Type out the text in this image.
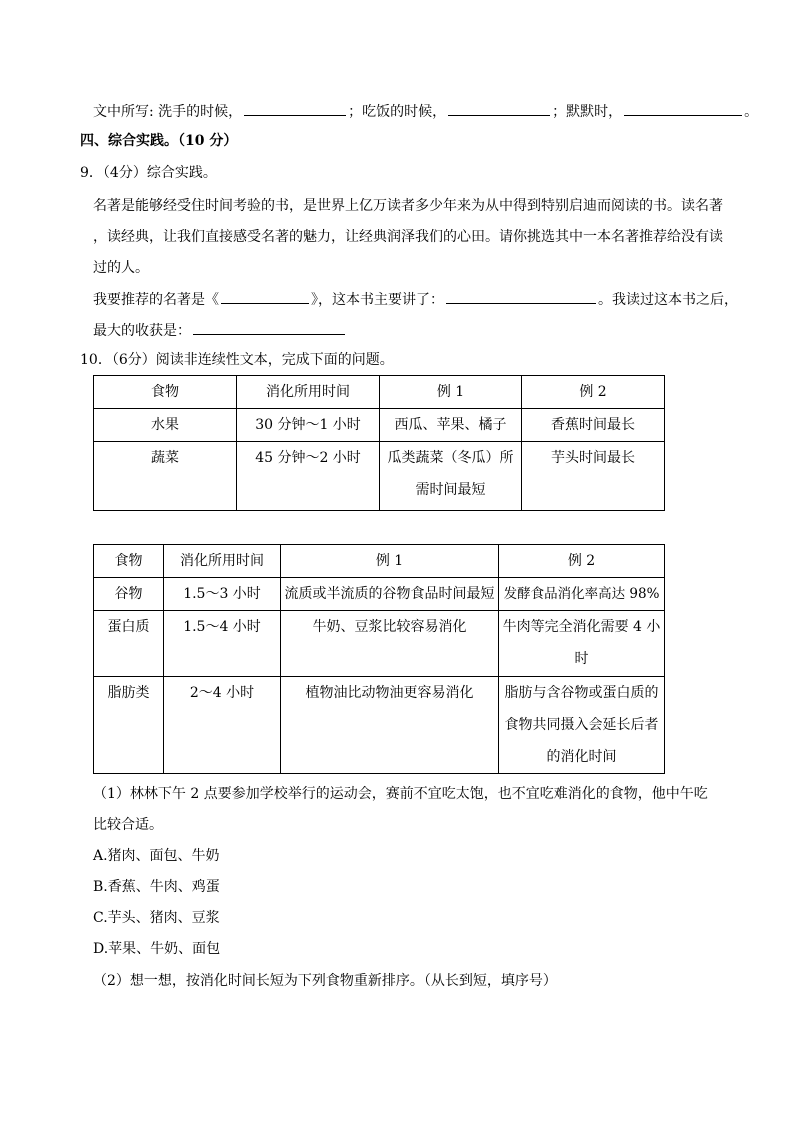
文中所写: 洗手的时候，	；吃饭的时候，	；默默时，	。
四、综合实践。（10 分）
9．（4分）综合实践。
名著是能够经受住时间考验的书，是世界上亿万读者多少年来为从中得到特别启迪而阅读的书。读名著
，读经典，让我们直接感受名著的魅力，让经典润泽我们的心田。请你挑选其中一本名著推荐给没有读
过的人。
我要推荐的名著是《	》，这本书主要讲了：	。我读过这本书之后，
最大的收获是：
10．（6分）阅读非连续性文本，完成下面的问题。
食物	消化所用时间	例 1	例 2
水果	30 分钟～1 小时	西瓜、苹果、橘子	香蕉时间最长
蔬菜	45 分钟～2 小时	瓜类蔬菜（冬瓜）所需时间最短	芋头时间最长
食物	消化所用时间	例 1	例 2
谷物	1.5～3 小时	流质或半流质的谷物食品时间最短	发酵食品消化率高达 98%
蛋白质	1.5～4 小时	牛奶、豆浆比较容易消化	牛肉等完全消化需要 4 小时
脂肪类	2～4 小时	植物油比动物油更容易消化	脂肪与含谷物或蛋白质的食物共同摄入会延长后者的消化时间
（1）林林下午 2 点要参加学校举行的运动会，赛前不宜吃太饱，也不宜吃难消化的食物，他中午吃
比较合适。
A.猪肉、面包、牛奶
B.香蕉、牛肉、鸡蛋
C.芋头、猪肉、豆浆
D.苹果、牛奶、面包
（2）想一想，按消化时间长短为下列食物重新排序。（从长到短，填序号）
